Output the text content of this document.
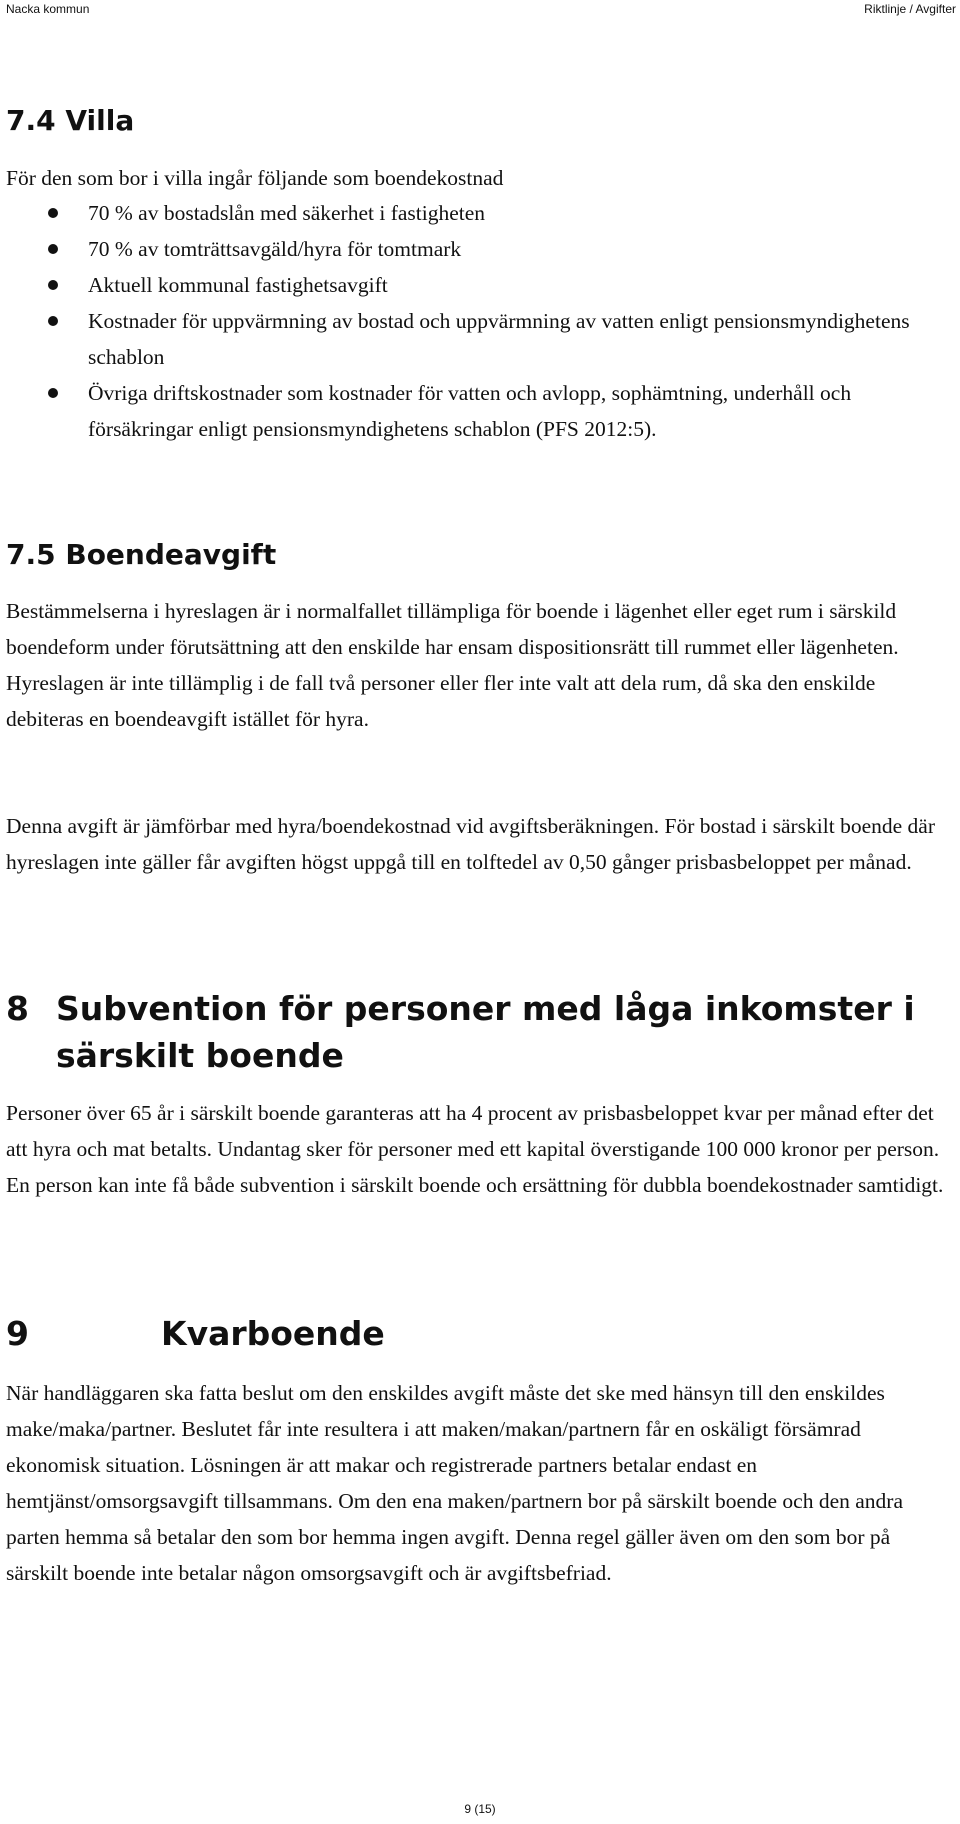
Nacka kommun	Riktlinje / Avgifter
7.4 Villa

För den som bor i villa ingår följande som boendekostnad

70 % av bostadslån med säkerhet i fastigheten
70 % av tomträttsavgäld/hyra för tomtmark
Aktuell kommunal fastighetsavgift
Kostnader för uppvärmning av bostad och uppvärmning av vatten enligt pensionsmyndighetens schablon
Övriga driftskostnader som kostnader för vatten och avlopp, sophämtning, underhåll och försäkringar enligt pensionsmyndighetens schablon (PFS 2012:5).
7.5 Boendeavgift

Bestämmelserna i hyreslagen är i normalfallet tillämpliga för boende i lägenhet eller eget rum i särskild boendeform under förutsättning att den enskilde har ensam dispositionsrätt till rummet eller lägenheten. Hyreslagen är inte tillämplig i de fall två personer eller fler inte valt att dela rum, då ska den enskilde debiteras en boendeavgift istället för hyra.

Denna avgift är jämförbar med hyra/boendekostnad vid avgiftsberäkningen. För bostad i särskilt boende där hyreslagen inte gäller får avgiften högst uppgå till en tolftedel av 0,50 gånger prisbasbeloppet per månad.

8 Subvention för personer med låga inkomster i
särskilt boende

Personer över 65 år i särskilt boende garanteras att ha 4 procent av prisbasbeloppet kvar per månad efter det att hyra och mat betalts. Undantag sker för personer med ett kapital överstigande 100 000 kronor per person. En person kan inte få både subvention i särskilt boende och ersättning för dubbla boendekostnader samtidigt.

9	Kvarboende

När handläggaren ska fatta beslut om den enskildes avgift måste det ske med hänsyn till den enskildes make/maka/partner. Beslutet får inte resultera i att maken/makan/partnern får en oskäligt försämrad ekonomisk situation. Lösningen är att makar och registrerade partners betalar endast en hemtjänst/omsorgsavgift tillsammans. Om den ena maken/partnern bor på särskilt boende och den andra parten hemma så betalar den som bor hemma ingen avgift. Denna regel gäller även om den som bor på särskilt boende inte betalar någon omsorgsavgift och är avgiftsbefriad.

9 (15)
